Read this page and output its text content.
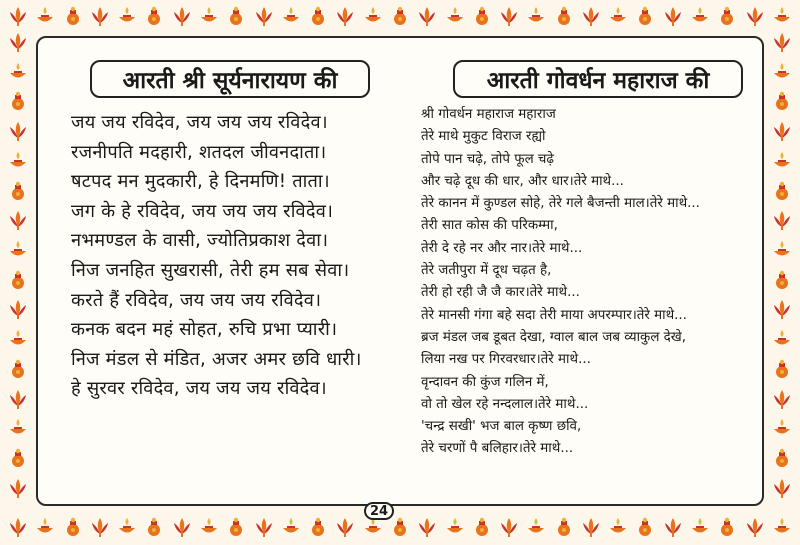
आरती श्री सूर्यनारायण की	आरती गोवर्धन महाराज की
जय जय रविदेव, जय जय जय रविदेव।
रजनीपति मदहारी, शतदल जीवनदाता।
षटपद मन मुदकारी, हे दिनमणि! ताता।
जग के हे रविदेव, जय जय जय रविदेव।
नभमण्डल के वासी, ज्योतिप्रकाश देवा।
निज जनहित सुखरासी, तेरी हम सब सेवा।
करते हैं रविदेव, जय जय जय रविदेव।
कनक बदन महं सोहत, रुचि प्रभा प्यारी।
निज मंडल से मंडित, अजर अमर छवि धारी।
हे सुरवर रविदेव, जय जय जय रविदेव।
श्री गोवर्धन महाराज महाराज
तेरे माथे मुकुट विराज रह्यो
तोपे पान चढ़े, तोपे फूल चढ़े
और चढ़े दूध की धार, और धार।तेरे माथे...
तेरे कानन में कुण्डल सोहे, तेरे गले बैजन्ती माल।तेरे माथे...
तेरी सात कोस की परिकम्मा,
तेरी दे रहे नर और नार।तेरे माथे...
तेरे जतीपुरा में दूध चढ़त है,
तेरी हो रही जै जै कार।तेरे माथे...
तेरे मानसी गंगा बहे सदा तेरी माया अपरम्पार।तेरे माथे...
ब्रज मंडल जब डूबत देखा, ग्वाल बाल जब व्याकुल देखे,
लिया नख पर गिरवरधार।तेरे माथे...
वृन्दावन की कुंज गलिन में,
वो तो खेल रहे नन्दलाल।तेरे माथे...
'चन्द्र सखी' भज बाल कृष्ण छवि,
तेरे चरणों पै बलिहार।तेरे माथे...
24
